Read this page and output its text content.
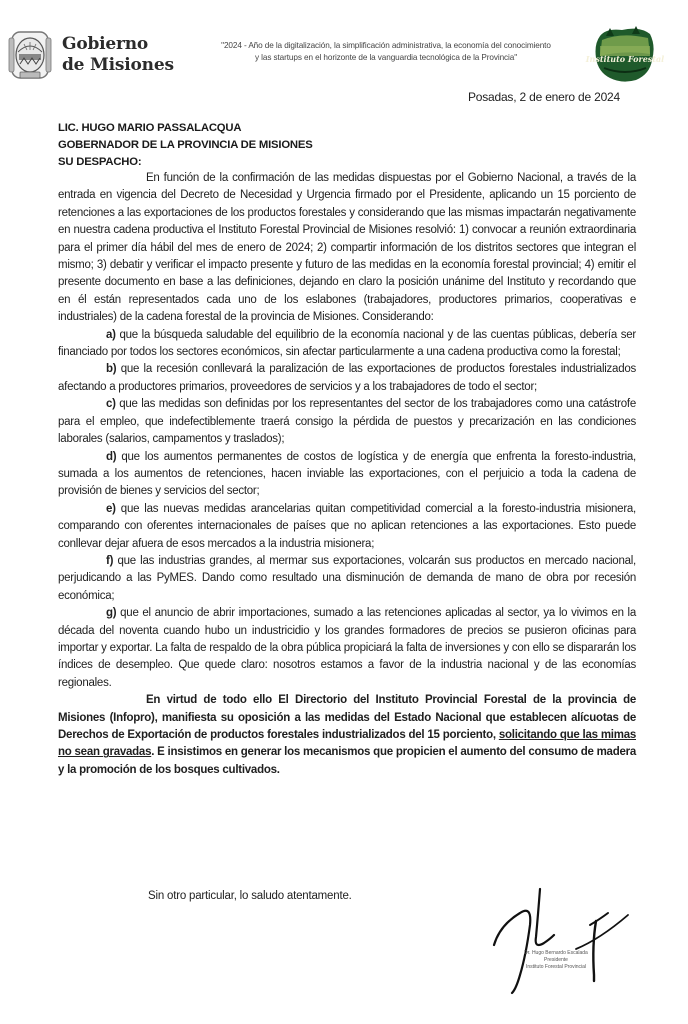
Gobierno
de Misiones
"2024 - Año de la digitalización, la simplificación administrativa, la economía del conocimiento
y las startups en el horizonte de la vanguardia tecnológica de la Provincia"	Instituto Forestal
Posadas, 2 de enero de 2024
LIC. HUGO MARIO PASSALACQUA
GOBERNADOR DE LA PROVINCIA DE MISIONES
SU DESPACHO:

En función de la confirmación de las medidas dispuestas por el Gobierno Nacional, a través de la entrada en vigencia del Decreto de Necesidad y Urgencia firmado por el Presidente, aplicando un 15 porciento de retenciones a las exportaciones de los productos forestales y considerando que las mismas impactarán negativamente en nuestra cadena productiva el Instituto Forestal Provincial de Misiones resolvió: 1) convocar a reunión extraordinaria para el primer día hábil del mes de enero de 2024; 2) compartir información de los distritos sectores que integran el mismo; 3) debatir y verificar el impacto presente y futuro de las medidas en la economía forestal provincial; 4) emitir el presente documento en base a las definiciones, dejando en claro la posición unánime del Instituto y recordando que en él están representados cada uno de los eslabones (trabajadores, productores primarios, cooperativas e industriales) de la cadena forestal de la provincia de Misiones. Considerando:

a) que la búsqueda saludable del equilibrio de la economía nacional y de las cuentas públicas, debería ser financiado por todos los sectores económicos, sin afectar particularmente a una cadena productiva como la forestal;

b) que la recesión conllevará la paralización de las exportaciones de productos forestales industrializados afectando a productores primarios, proveedores de servicios y a los trabajadores de todo el sector;

c) que las medidas son definidas por los representantes del sector de los trabajadores como una catástrofe para el empleo, que indefectiblemente traerá consigo la pérdida de puestos y precarización en las condiciones laborales (salarios, campamentos y traslados);

d) que los aumentos permanentes de costos de logística y de energía que enfrenta la foresto-industria, sumada a los aumentos de retenciones, hacen inviable las exportaciones, con el perjuicio a toda la cadena de provisión de bienes y servicios del sector;

e) que las nuevas medidas arancelarias quitan competitividad comercial a la foresto-industria misionera, comparando con oferentes internacionales de países que no aplican retenciones a las exportaciones. Esto puede conllevar dejar afuera de esos mercados a la industria misionera;

f) que las industrias grandes, al mermar sus exportaciones, volcarán sus productos en mercado nacional, perjudicando a las PyMES. Dando como resultado una disminución de demanda de mano de obra por recesión económica;

g) que el anuncio de abrir importaciones, sumado a las retenciones aplicadas al sector, ya lo vivimos en la década del noventa cuando hubo un industricidio y los grandes formadores de precios se pusieron oficinas para importar y exportar. La falta de respaldo de la obra pública propiciará la falta de inversiones y con ello se dispararán los índices de desempleo. Que quede claro: nosotros estamos a favor de la industria nacional y de las economías regionales.

En virtud de todo ello El Directorio del Instituto Provincial Forestal de la provincia de Misiones (Infopro), manifiesta su oposición a las medidas del Estado Nacional que establecen alícuotas de Derechos de Exportación de productos forestales industrializados del 15 porciento, solicitando que las mimas no sean gravadas. E insistimos en generar los mecanismos que propicien el aumento del consumo de madera y la promoción de los bosques cultivados.

Sin otro particular, lo saludo atentamente.
Dr. Hugo Bernardo Escalada
Presidente
Instituto Forestal Provincial
